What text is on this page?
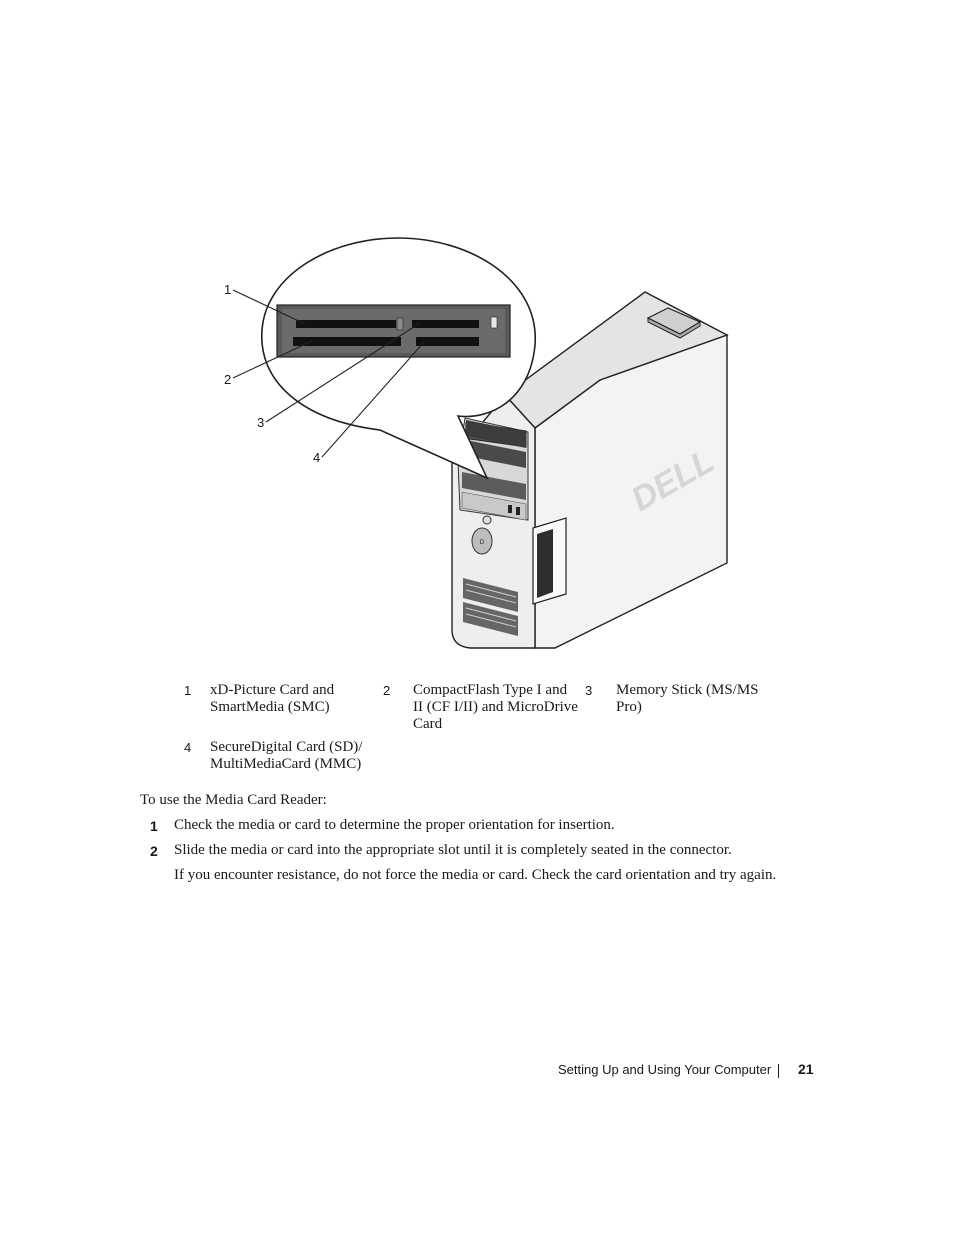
D
DELL
1
2
3
4
1 xD-Picture Card and SmartMedia (SMC)
2 CompactFlash Type I and II (CF I/II) and MicroDrive Card
3 Memory Stick (MS/MS Pro)
4 SecureDigital Card (SD)/ MultiMediaCard (MMC)
To use the Media Card Reader:
1 Check the media or card to determine the proper orientation for insertion.
2 Slide the media or card into the appropriate slot until it is completely seated in the connector.
If you encounter resistance, do not force the media or card. Check the card orientation and try again.
Setting Up and Using Your Computer 21
